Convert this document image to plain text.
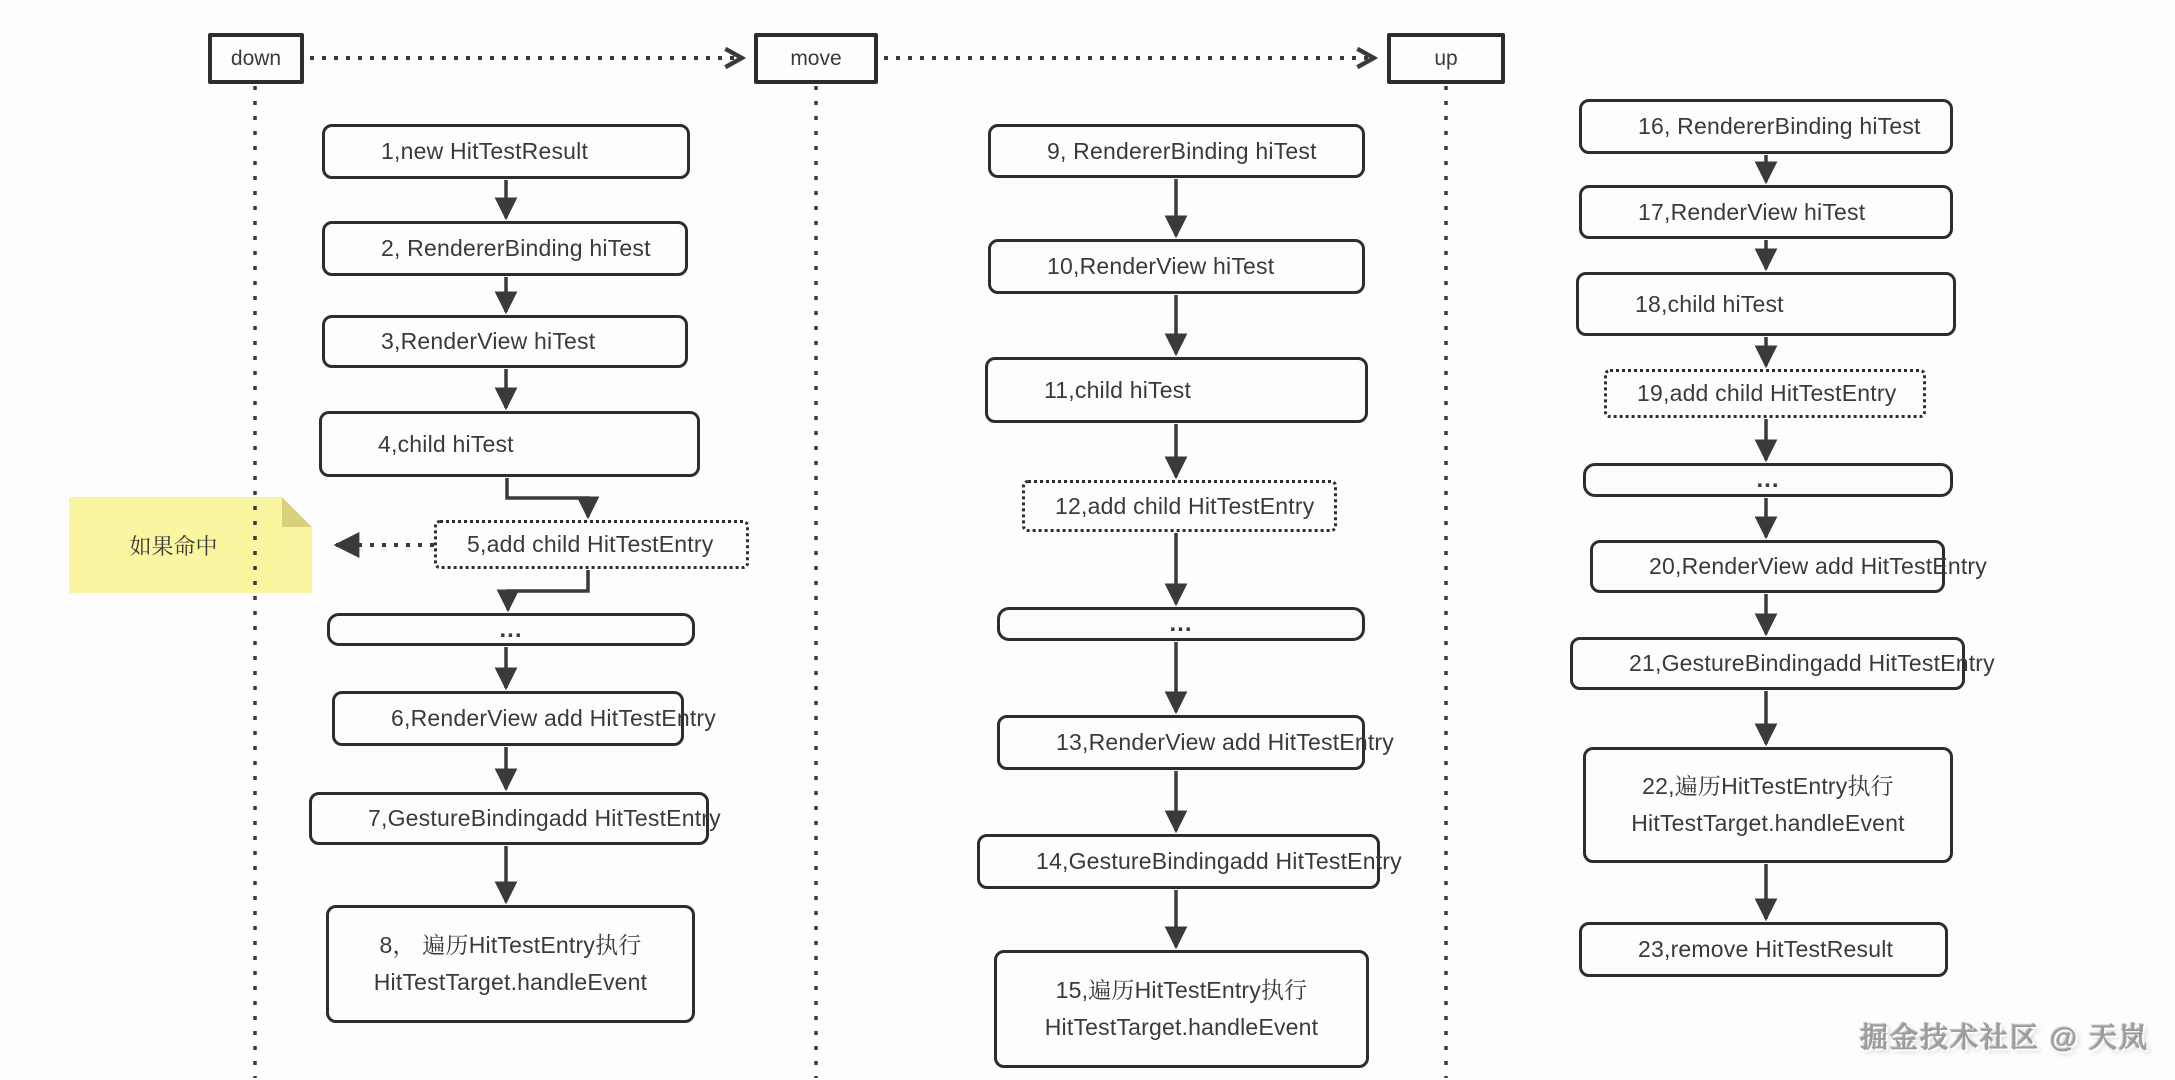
down	move	up
如果命中
1,new HitTestResult
2, RendererBinding hiTest
3,RenderView hiTest
4,child hiTest
5,add child HitTestEntry
...
6,RenderView add HitTestEntry
7,GestureBindingadd HitTestEntry
8， 遍历HitTestEntry执行
HitTestTarget.handleEvent
9, RendererBinding hiTest
10,RenderView hiTest
11,child hiTest
12,add child HitTestEntry
...
13,RenderView add HitTestEntry
14,GestureBindingadd HitTestEntry
15,遍历HitTestEntry执行
HitTestTarget.handleEvent
16, RendererBinding hiTest
17,RenderView hiTest
18,child hiTest
19,add child HitTestEntry
...
20,RenderView add HitTestEntry
21,GestureBindingadd HitTestEntry
22,遍历HitTestEntry执行
HitTestTarget.handleEvent
23,remove HitTestResult
掘金技术社区 @ 天岚
